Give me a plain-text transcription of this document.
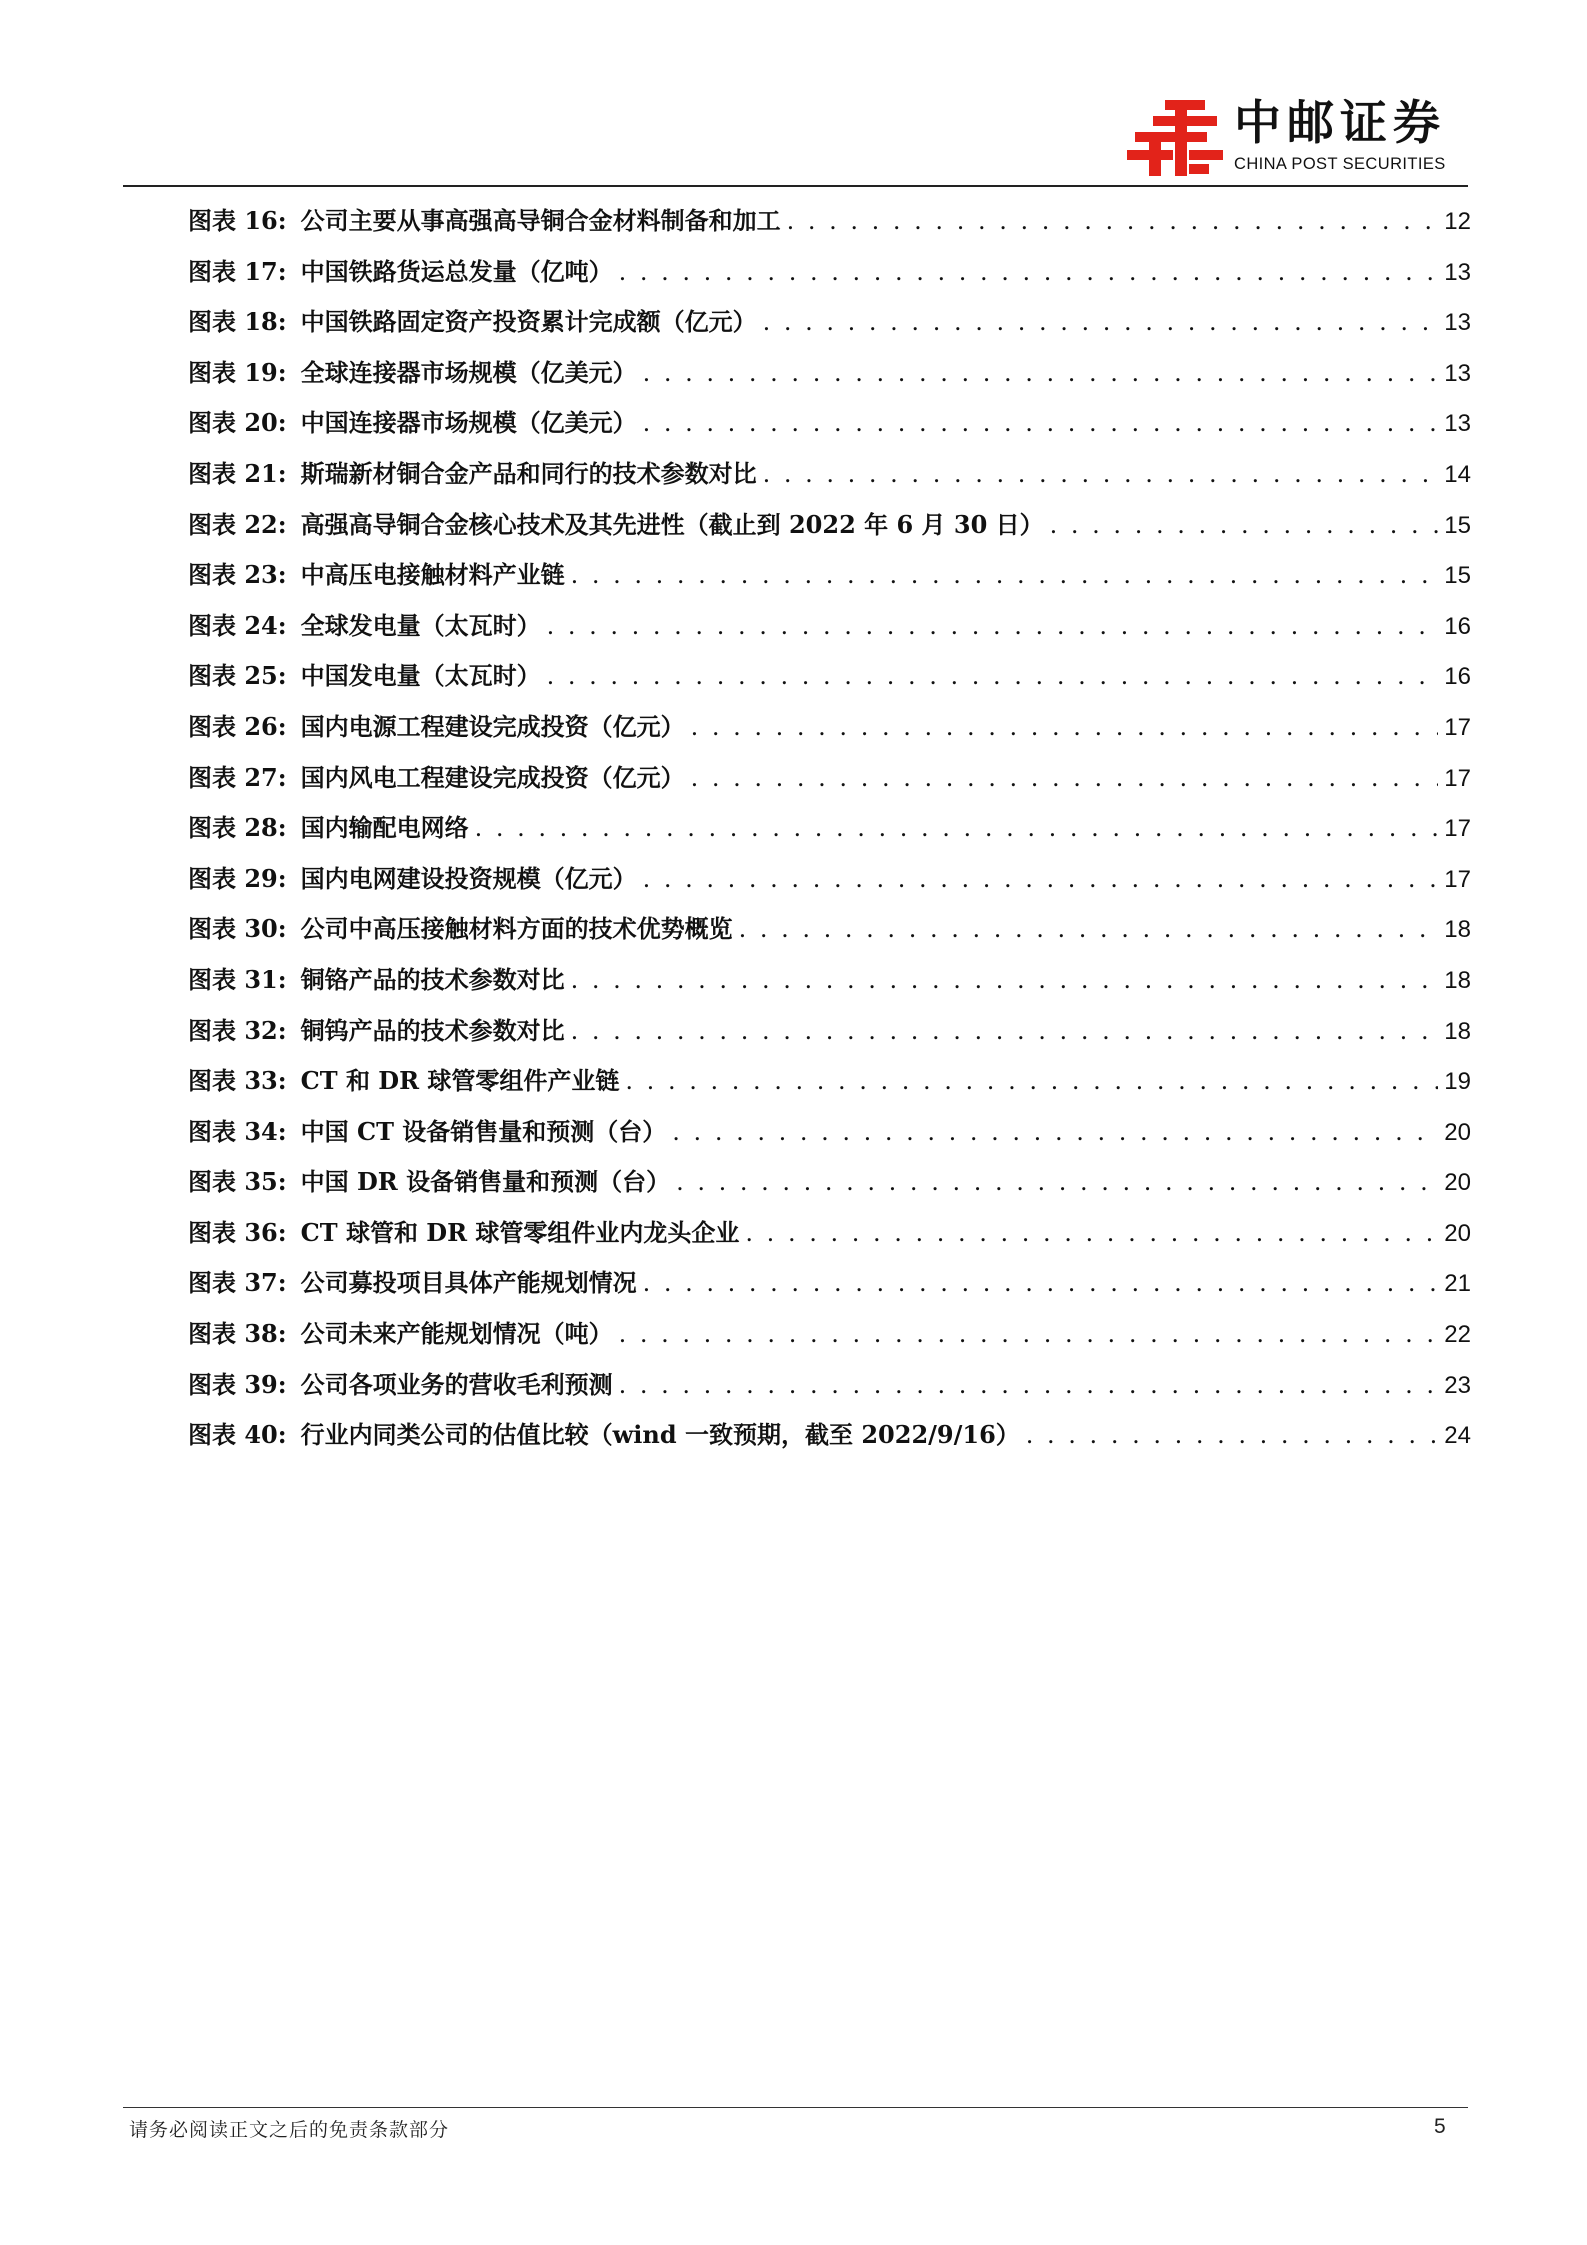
中邮证券
CHINA POST SECURITIES
图表 16: 公司主要从事高强高导铜合金材料制备和加工 . . .	12
图表 17: 中国铁路货运总发量（亿吨） . . .	13
图表 18: 中国铁路固定资产投资累计完成额（亿元） . . .	13
图表 19: 全球连接器市场规模（亿美元） . . .	13
图表 20: 中国连接器市场规模（亿美元） . . .	13
图表 21: 斯瑞新材铜合金产品和同行的技术参数对比 . . .	14
图表 22: 高强高导铜合金核心技术及其先进性（截止到 2022 年 6 月 30 日） . . .	15
图表 23: 中高压电接触材料产业链 . . .	15
图表 24: 全球发电量（太瓦时） . . .	16
图表 25: 中国发电量（太瓦时） . . .	16
图表 26: 国内电源工程建设完成投资（亿元） . . .	17
图表 27: 国内风电工程建设完成投资（亿元） . . .	17
图表 28: 国内输配电网络 . . .	17
图表 29: 国内电网建设投资规模（亿元） . . .	17
图表 30: 公司中高压接触材料方面的技术优势概览 . . .	18
图表 31: 铜铬产品的技术参数对比 . . .	18
图表 32: 铜钨产品的技术参数对比 . . .	18
图表 33: CT 和 DR 球管零组件产业链 . . .	19
图表 34: 中国 CT 设备销售量和预测（台） . . .	20
图表 35: 中国 DR 设备销售量和预测（台） . . .	20
图表 36: CT 球管和 DR 球管零组件业内龙头企业 . . .	20
图表 37: 公司募投项目具体产能规划情况 . . .	21
图表 38: 公司未来产能规划情况（吨） . . .	22
图表 39: 公司各项业务的营收毛利预测 . . .	23
图表 40: 行业内同类公司的估值比较（wind 一致预期，截至 2022/9/16） . . .	24
请务必阅读正文之后的免责条款部分	5
